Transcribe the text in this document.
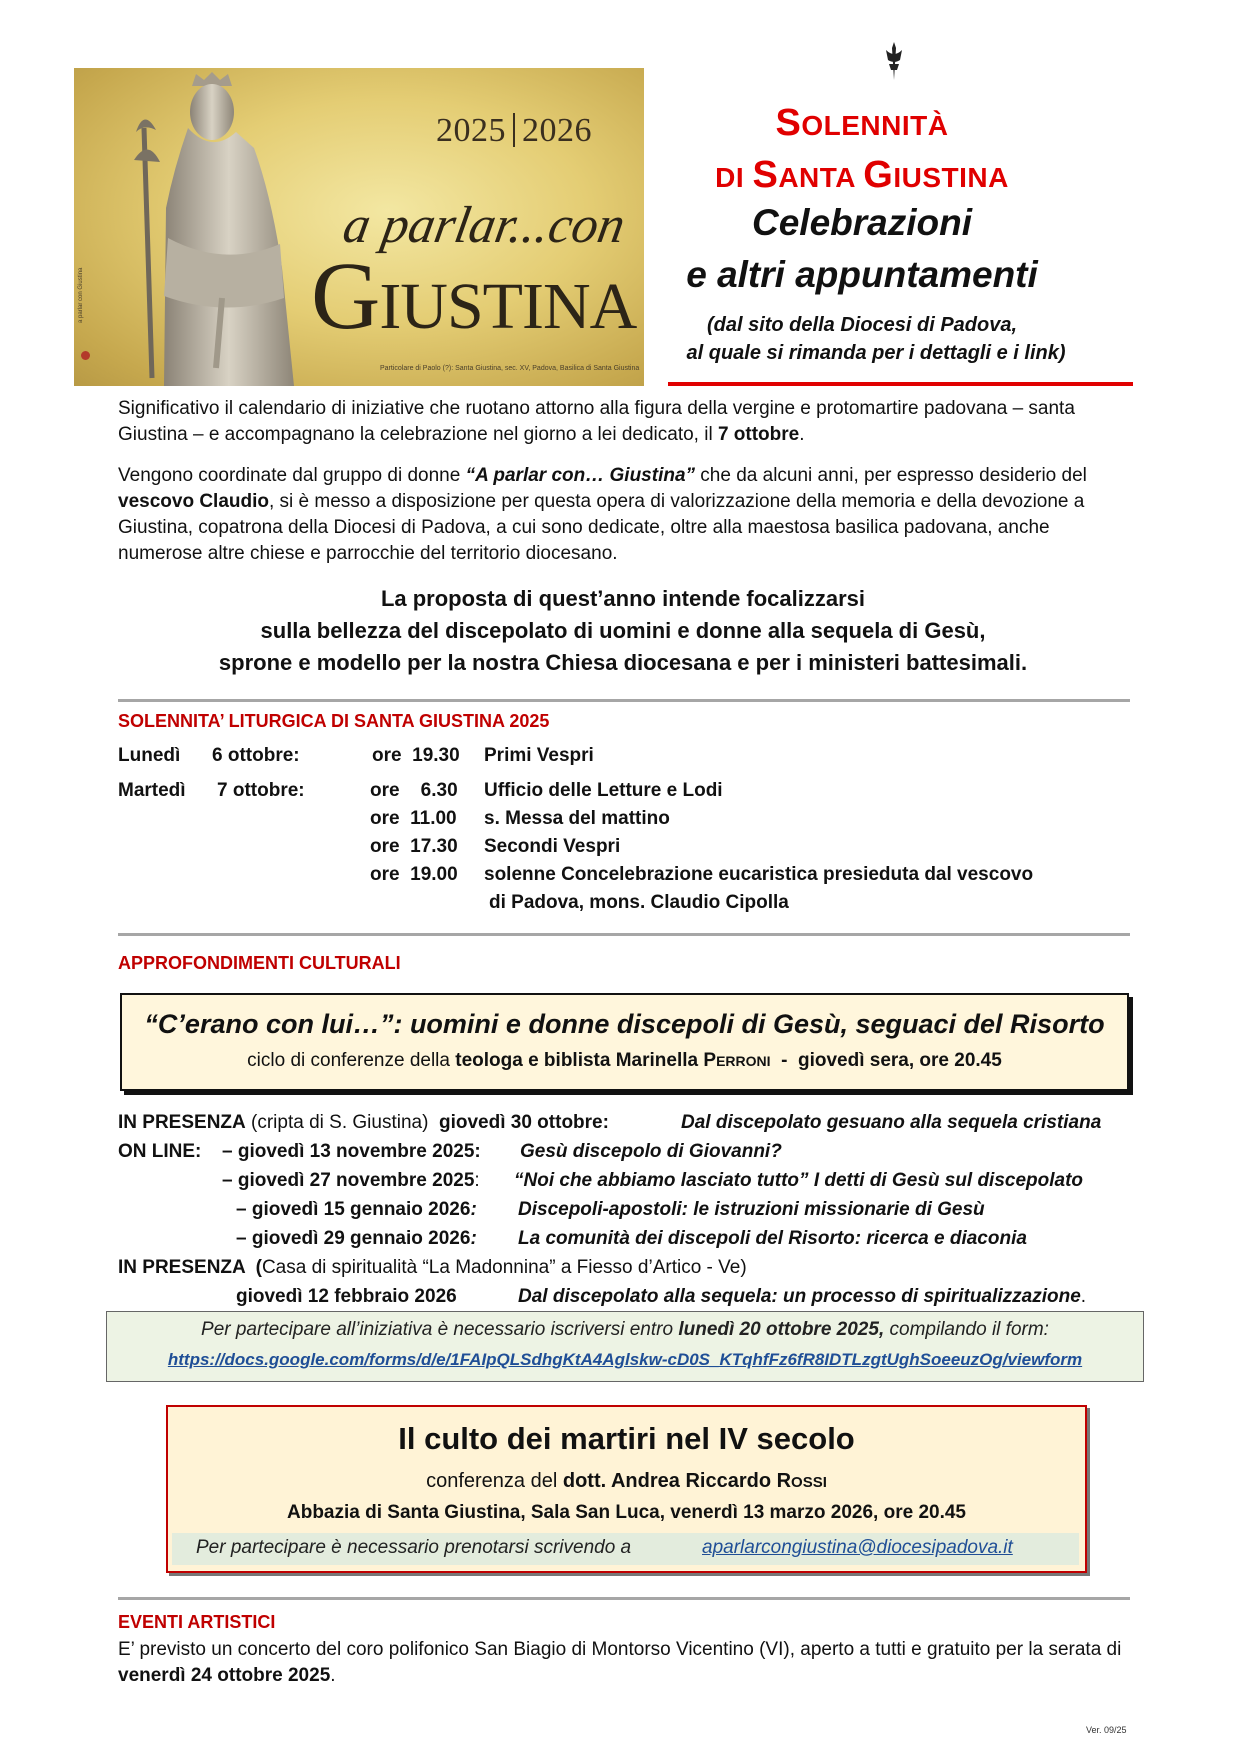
2025 2026
a parlar...con
GIUSTINA
Particolare di Paolo (?): Santa Giustina, sec. XV, Padova, Basilica di Santa Giustina
a parlar con Giustina
SOLENNITÀ
DI SANTA GIUSTINA
Celebrazioni
e altri appuntamenti
(dal sito della Diocesi di Padova,
al quale si rimanda per i dettagli e i link)
Significativo il calendario di iniziative che ruotano attorno alla figura della vergine e protomartire padovana – santa Giustina – e accompagnano la celebrazione nel giorno a lei dedicato, il 7 ottobre.
Vengono coordinate dal gruppo di donne “A parlar con… Giustina” che da alcuni anni, per espresso desiderio del vescovo Claudio, si è messo a disposizione per questa opera di valorizzazione della memoria e della devozione a Giustina, copatrona della Diocesi di Padova, a cui sono dedicate, oltre alla maestosa basilica padovana, anche numerose altre chiese e parrocchie del territorio diocesano.
La proposta di quest’anno intende focalizzarsi
sulla bellezza del discepolato di uomini e donne alla sequela di Gesù,
sprone e modello per la nostra Chiesa diocesana e per i ministeri battesimali.
SOLENNITA’ LITURGICA DI SANTA GIUSTINA 2025
Lunedì 6 ottobre:	ore  19.30 Primi Vespri
Martedì 7 ottobre:	ore    6.30 Ufficio delle Letture e Lodi
ore  11.00 s. Messa del mattino
ore  17.30 Secondi Vespri
ore  19.00 solenne Concelebrazione eucaristica presieduta dal vescovo
di Padova, mons. Claudio Cipolla
APPROFONDIMENTI CULTURALI
“C’erano con lui…”: uomini e donne discepoli di Gesù, seguaci del Risorto
ciclo di conferenze della teologa e biblista Marinella PERRONI  -  giovedì sera, ore 20.45
IN PRESENZA (cripta di S. Giustina)  giovedì 30 ottobre:	Dal discepolato gesuano alla sequela cristiana
ON LINE: – giovedì 13 novembre 2025: Gesù discepolo di Giovanni?
– giovedì 27 novembre 2025: “Noi che abbiamo lasciato tutto” I detti di Gesù sul discepolato
– giovedì 15 gennaio 2026: Discepoli-apostoli: le istruzioni missionarie di Gesù
– giovedì 29 gennaio 2026: La comunità dei discepoli del Risorto: ricerca e diaconia
IN PRESENZA  (Casa di spiritualità “La Madonnina” a Fiesso d’Artico - Ve)
giovedì 12 febbraio 2026	Dal discepolato alla sequela: un processo di spiritualizzazione.
Per partecipare all’iniziativa è necessario iscriversi entro lunedì 20 ottobre 2025, compilando il form:
https://docs.google.com/forms/d/e/1FAIpQLSdhgKtA4Aglskw-cD0S_KTqhfFz6fR8IDTLzgtUghSoeeuzOg/viewform
Il culto dei martiri nel IV secolo
conferenza del dott. Andrea Riccardo ROSSI
Abbazia di Santa Giustina, Sala San Luca, venerdì 13 marzo 2026, ore 20.45
Per partecipare è necessario prenotarsi scrivendo a	aparlarcongiustina@diocesipadova.it
EVENTI ARTISTICI
E’ previsto un concerto del coro polifonico San Biagio di Montorso Vicentino (VI), aperto a tutti e gratuito per la serata di venerdì 24 ottobre 2025.
Ver. 09/25
